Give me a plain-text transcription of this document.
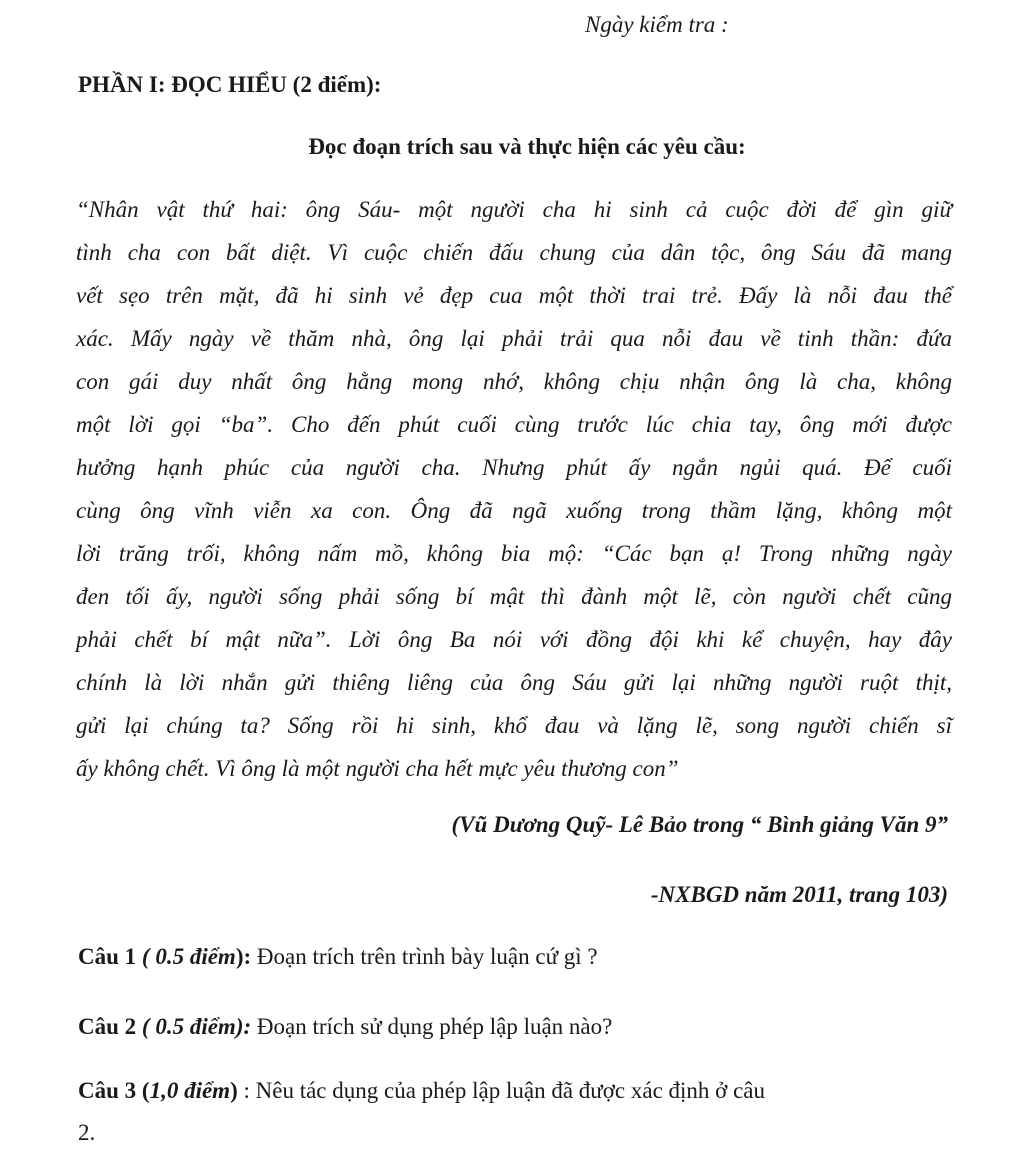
Ngày kiểm tra :
PHẦN I: ĐỌC HIỂU (2 điểm):
Đọc đoạn trích sau và thực hiện các yêu cầu:
“Nhân vật thứ hai: ông Sáu- một người cha hi sinh cả cuộc đời để gìn giữ
tình cha con bất diệt. Vì cuộc chiến đấu chung của dân tộc, ông Sáu đã mang
vết sẹo trên mặt, đã hi sinh vẻ đẹp cua một thời trai trẻ. Đấy là nỗi đau thể
xác. Mấy ngày về thăm nhà, ông lại phải trải qua nỗi đau về tinh thần: đứa
con gái duy nhất ông hằng mong nhớ, không chịu nhận ông là cha, không
một lời gọi “ba”. Cho đến phút cuối cùng trước lúc chia tay, ông mới được
hưởng hạnh phúc của người cha. Nhưng phút ấy ngắn ngủi quá. Để cuối
cùng ông vĩnh viễn xa con. Ông đã ngã xuống trong thầm lặng, không một
lời trăng trối, không nấm mồ, không bia mộ: “Các bạn ạ! Trong những ngày
đen tối ấy, người sống phải sống bí mật thì đành một lẽ, còn người chết cũng
phải chết bí mật nữa”. Lời ông Ba nói với đồng đội khi kể chuyện, hay đây
chính là lời nhắn gửi thiêng liêng của ông Sáu gửi lại những người ruột thịt,
gửi lại chúng ta? Sống rồi hi sinh, khổ đau và lặng lẽ, song người chiến sĩ
ấy không chết. Vì ông là một người cha hết mực yêu thương con”
(Vũ Dương Quỹ- Lê Bảo trong “ Bình giảng Văn 9”
-NXBGD năm 2011, trang 103)
Câu 1 ( 0.5 điểm): Đoạn trích trên trình bày luận cứ gì ?
Câu 2 ( 0.5 điểm): Đoạn trích sử dụng phép lập luận nào?
Câu 3 (1,0 điểm) : Nêu tác dụng của phép lập luận đã được xác định ở câu
2.
